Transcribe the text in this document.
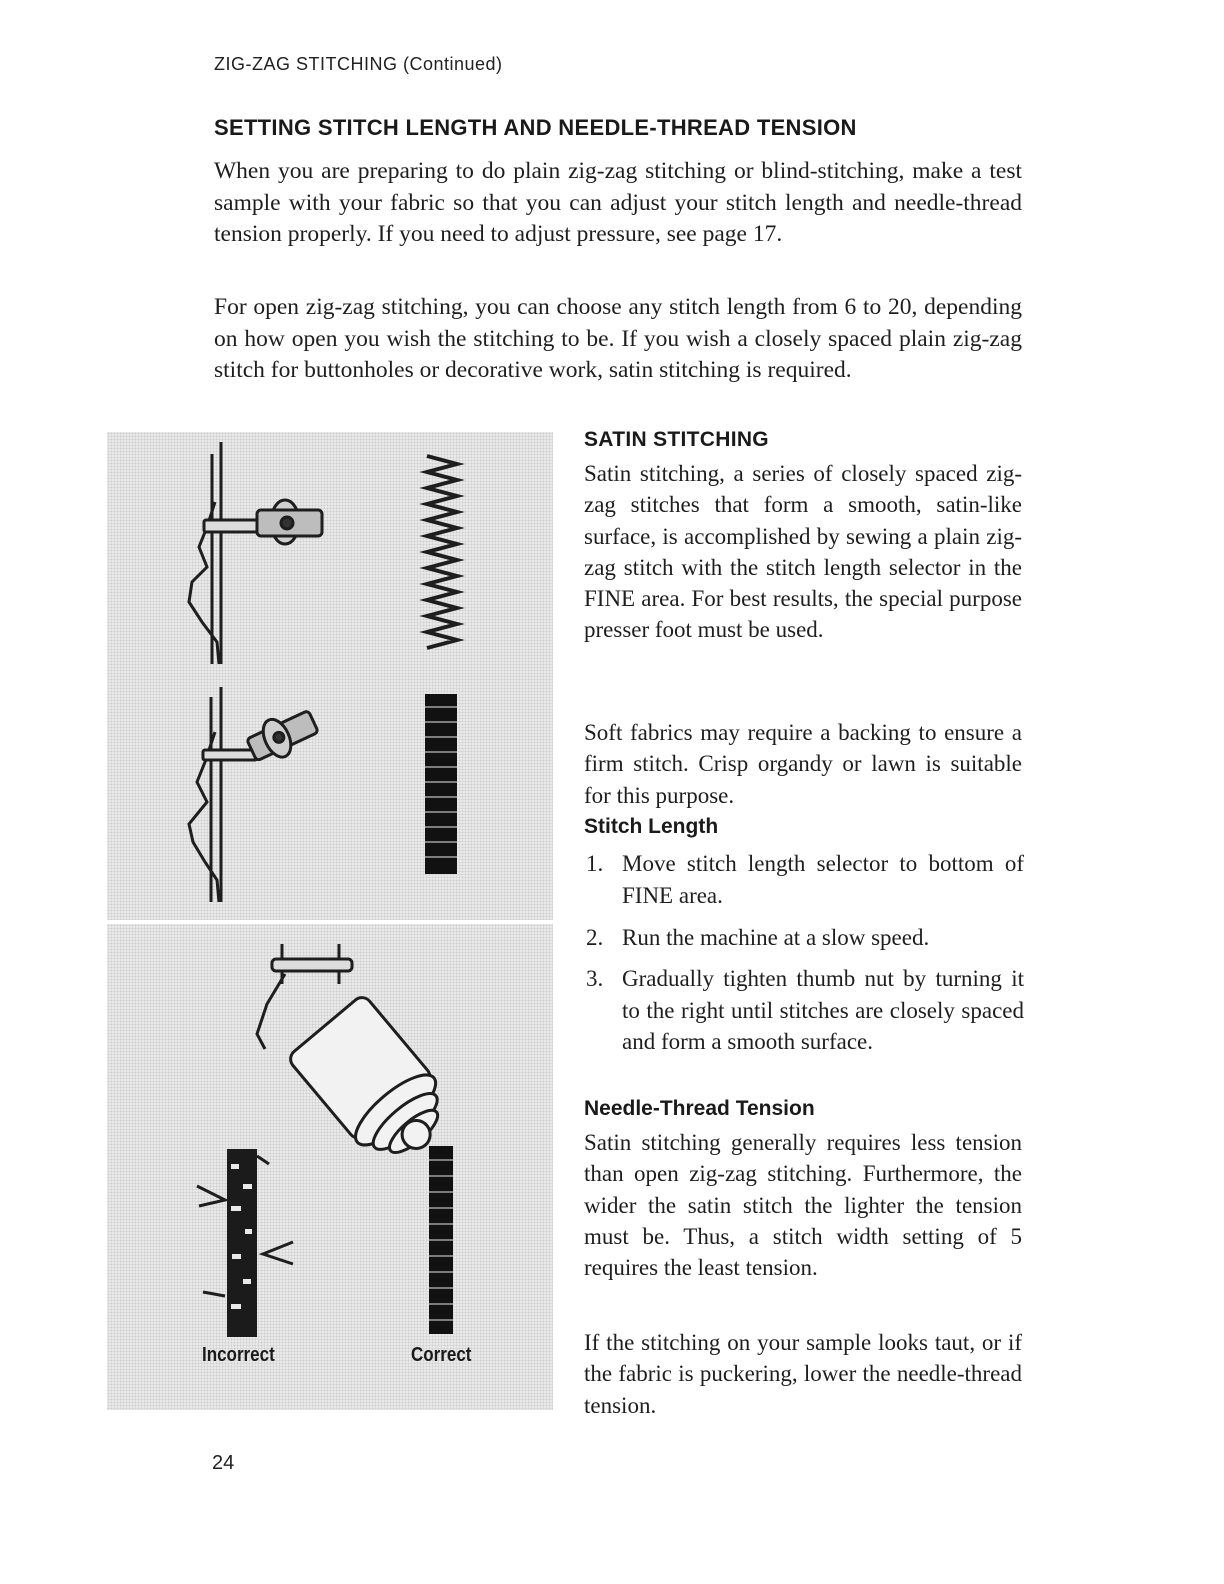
ZIG-ZAG STITCHING (Continued)
SETTING STITCH LENGTH AND NEEDLE-THREAD TENSION

When you are preparing to do plain zig-zag stitching or blind-stitching, make a test sample with your fabric so that you can adjust your stitch length and needle-thread tension properly. If you need to adjust pressure, see page 17.

For open zig-zag stitching, you can choose any stitch length from 6 to 20, depending on how open you wish the stitching to be. If you wish a closely spaced plain zig-zag stitch for buttonholes or decorative work, satin stitching is required.

Incorrect	Correct
SATIN STITCHING

Satin stitching, a series of closely spaced zig-zag stitches that form a smooth, satin-like surface, is accomplished by sewing a plain zig-zag stitch with the stitch length selector in the FINE area. For best results, the special purpose presser foot must be used.

Soft fabrics may require a backing to ensure a firm stitch. Crisp organdy or lawn is suitable for this purpose.

Stitch Length
1. Move stitch length selector to bottom of FINE area.
2. Run the machine at a slow speed.
3. Gradually tighten thumb nut by turning it to the right until stitches are closely spaced and form a smooth surface.
Needle-Thread Tension

Satin stitching generally requires less tension than open zig-zag stitching. Furthermore, the wider the satin stitch the lighter the tension must be. Thus, a stitch width setting of 5 requires the least tension.

If the stitching on your sample looks taut, or if the fabric is puckering, lower the needle-thread tension.

24
